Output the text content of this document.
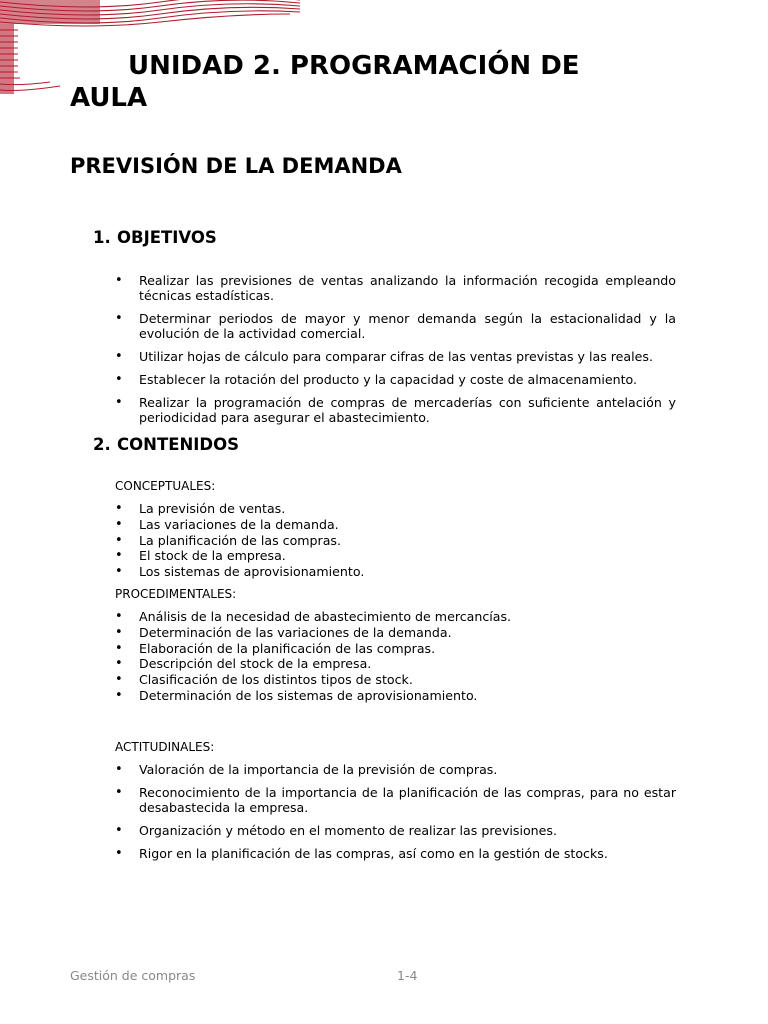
UNIDAD 2. PROGRAMACIÓN DE
AULA
PREVISIÓN DE LA DEMANDA
1. OBJETIVOS
• Realizar las previsiones de ventas analizando la información recogida empleando técnicas estadísticas.
• Determinar periodos de mayor y menor demanda según la estacionalidad y la evolución de la actividad comercial.
• Utilizar hojas de cálculo para comparar cifras de las ventas previstas y las reales.
• Establecer la rotación del producto y la capacidad y coste de almacenamiento.
• Realizar la programación de compras de mercaderías con suficiente antelación y periodicidad para asegurar el abastecimiento.
2. CONTENIDOS
CONCEPTUALES:
• La previsión de ventas.
• Las variaciones de la demanda.
• La planificación de las compras.
• El stock de la empresa.
• Los sistemas de aprovisionamiento.
PROCEDIMENTALES:
• Análisis de la necesidad de abastecimiento de mercancías.
• Determinación de las variaciones de la demanda.
• Elaboración de la planificación de las compras.
• Descripción del stock de la empresa.
• Clasificación de los distintos tipos de stock.
• Determinación de los sistemas de aprovisionamiento.
ACTITUDINALES:
• Valoración de la importancia de la previsión de compras.
• Reconocimiento de la importancia de la planificación de las compras, para no estar desabastecida la empresa.
• Organización y método en el momento de realizar las previsiones.
• Rigor en la planificación de las compras, así como en la gestión de stocks.
Gestión de compras	1-4
